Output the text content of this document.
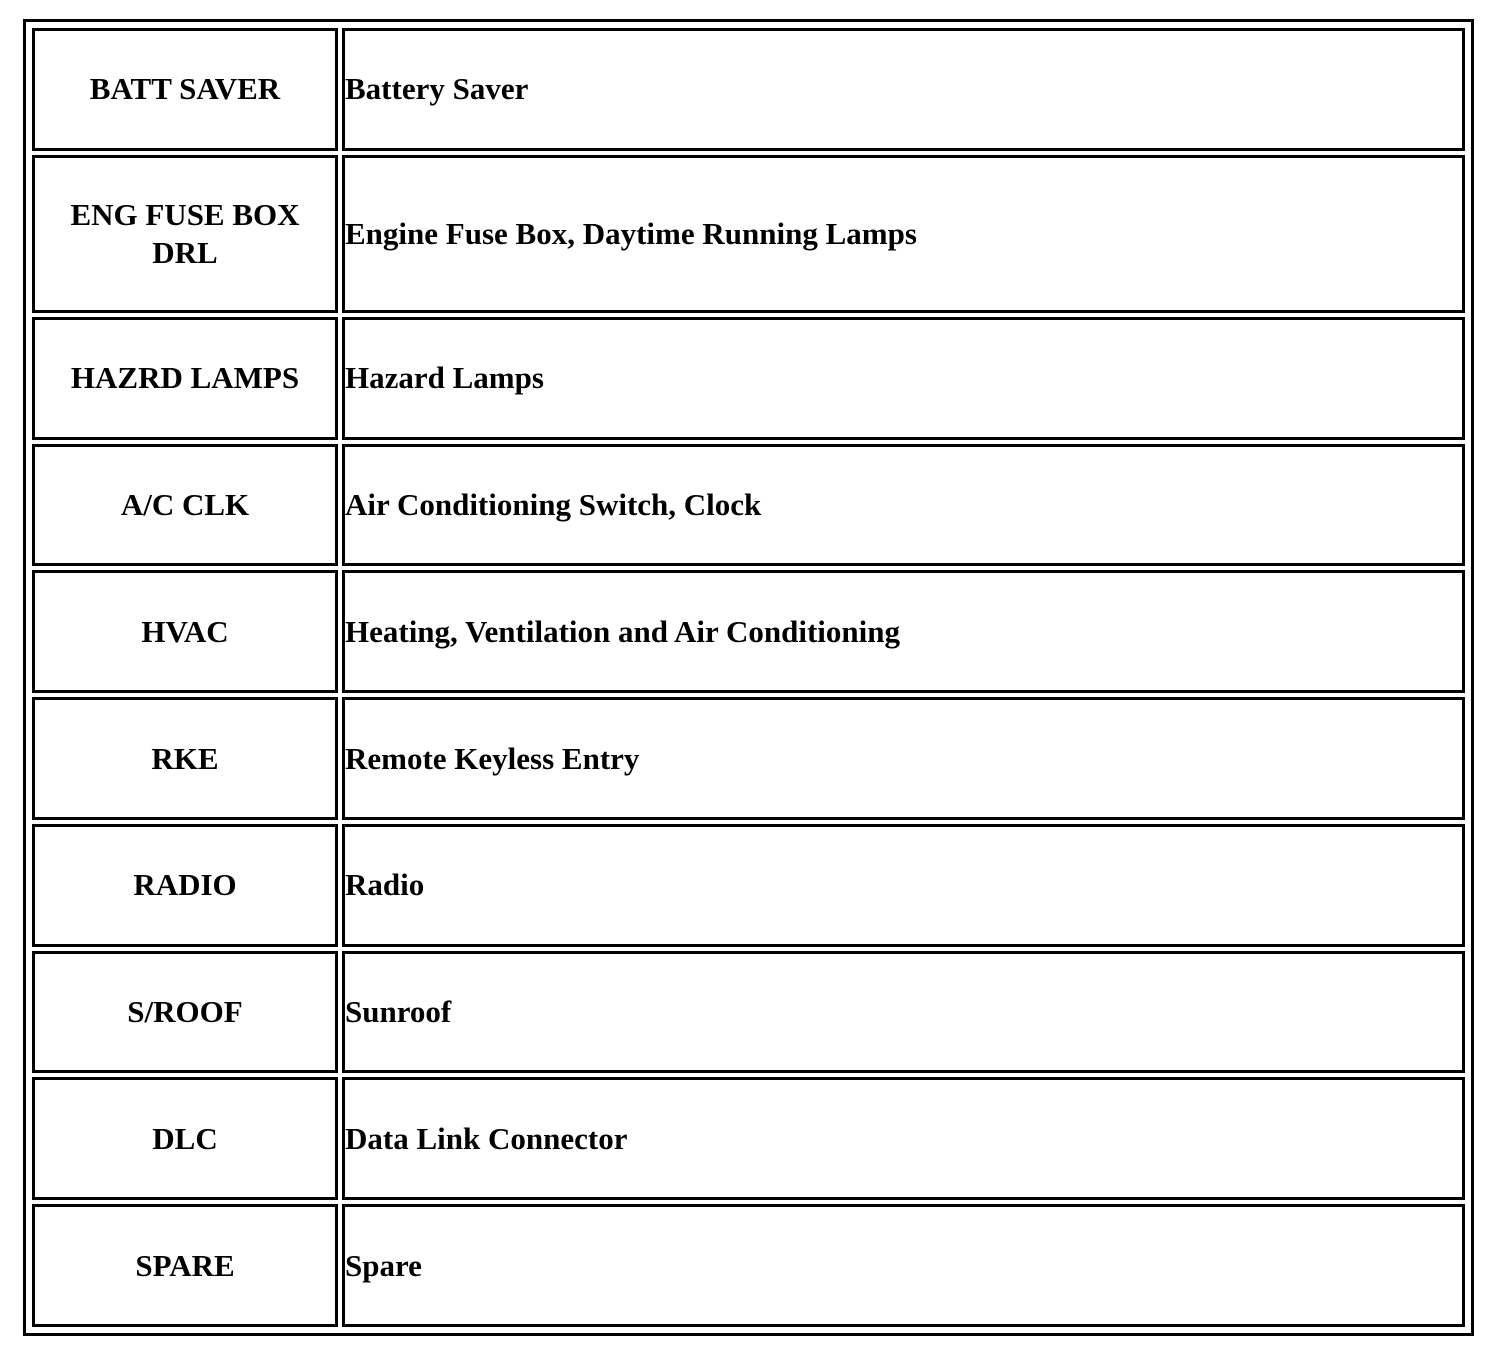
BATT SAVER	Battery Saver
ENG FUSE BOX DRL	Engine Fuse Box, Daytime Running Lamps
HAZRD LAMPS	Hazard Lamps
A/C CLK	Air Conditioning Switch, Clock
HVAC	Heating, Ventilation and Air Conditioning
RKE	Remote Keyless Entry
RADIO	Radio
S/ROOF	Sunroof
DLC	Data Link Connector
SPARE	Spare
